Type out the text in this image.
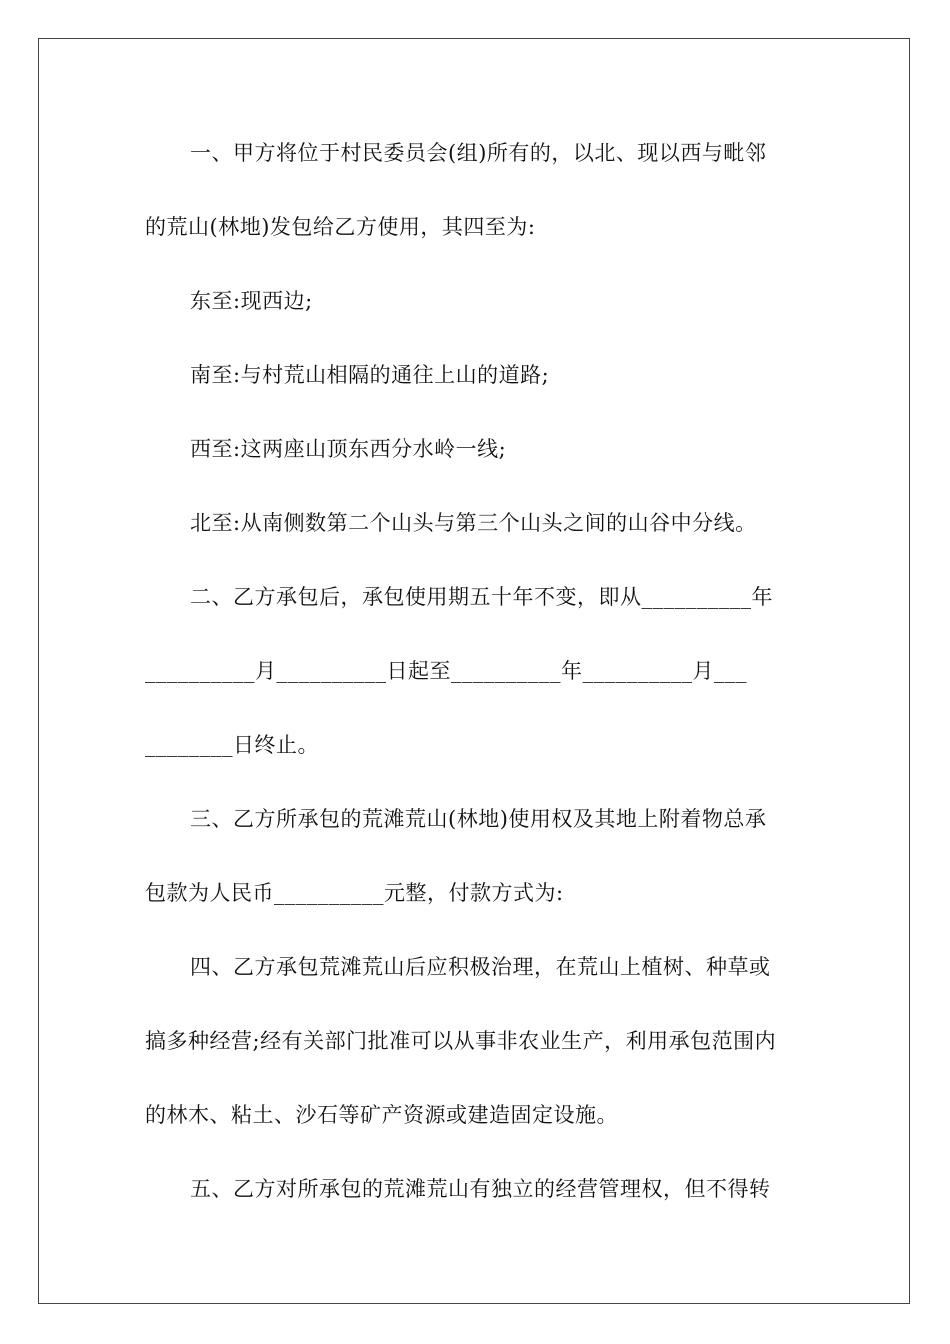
一、甲方将位于村民委员会(组)所有的，以北、现以西与毗邻
的荒山(林地)发包给乙方使用，其四至为:
东至:现西边;
南至:与村荒山相隔的通往上山的道路;
西至:这两座山顶东西分水岭一线;
北至:从南侧数第二个山头与第三个山头之间的山谷中分线。
二、乙方承包后，承包使用期五十年不变，即从__________年
__________月__________日起至__________年__________月___
________日终止。
三、乙方所承包的荒滩荒山(林地)使用权及其地上附着物总承
包款为人民币__________元整，付款方式为:
四、乙方承包荒滩荒山后应积极治理，在荒山上植树、种草或
搞多种经营;经有关部门批准可以从事非农业生产，利用承包范围内
的林木、粘土、沙石等矿产资源或建造固定设施。
五、乙方对所承包的荒滩荒山有独立的经营管理权，但不得转
